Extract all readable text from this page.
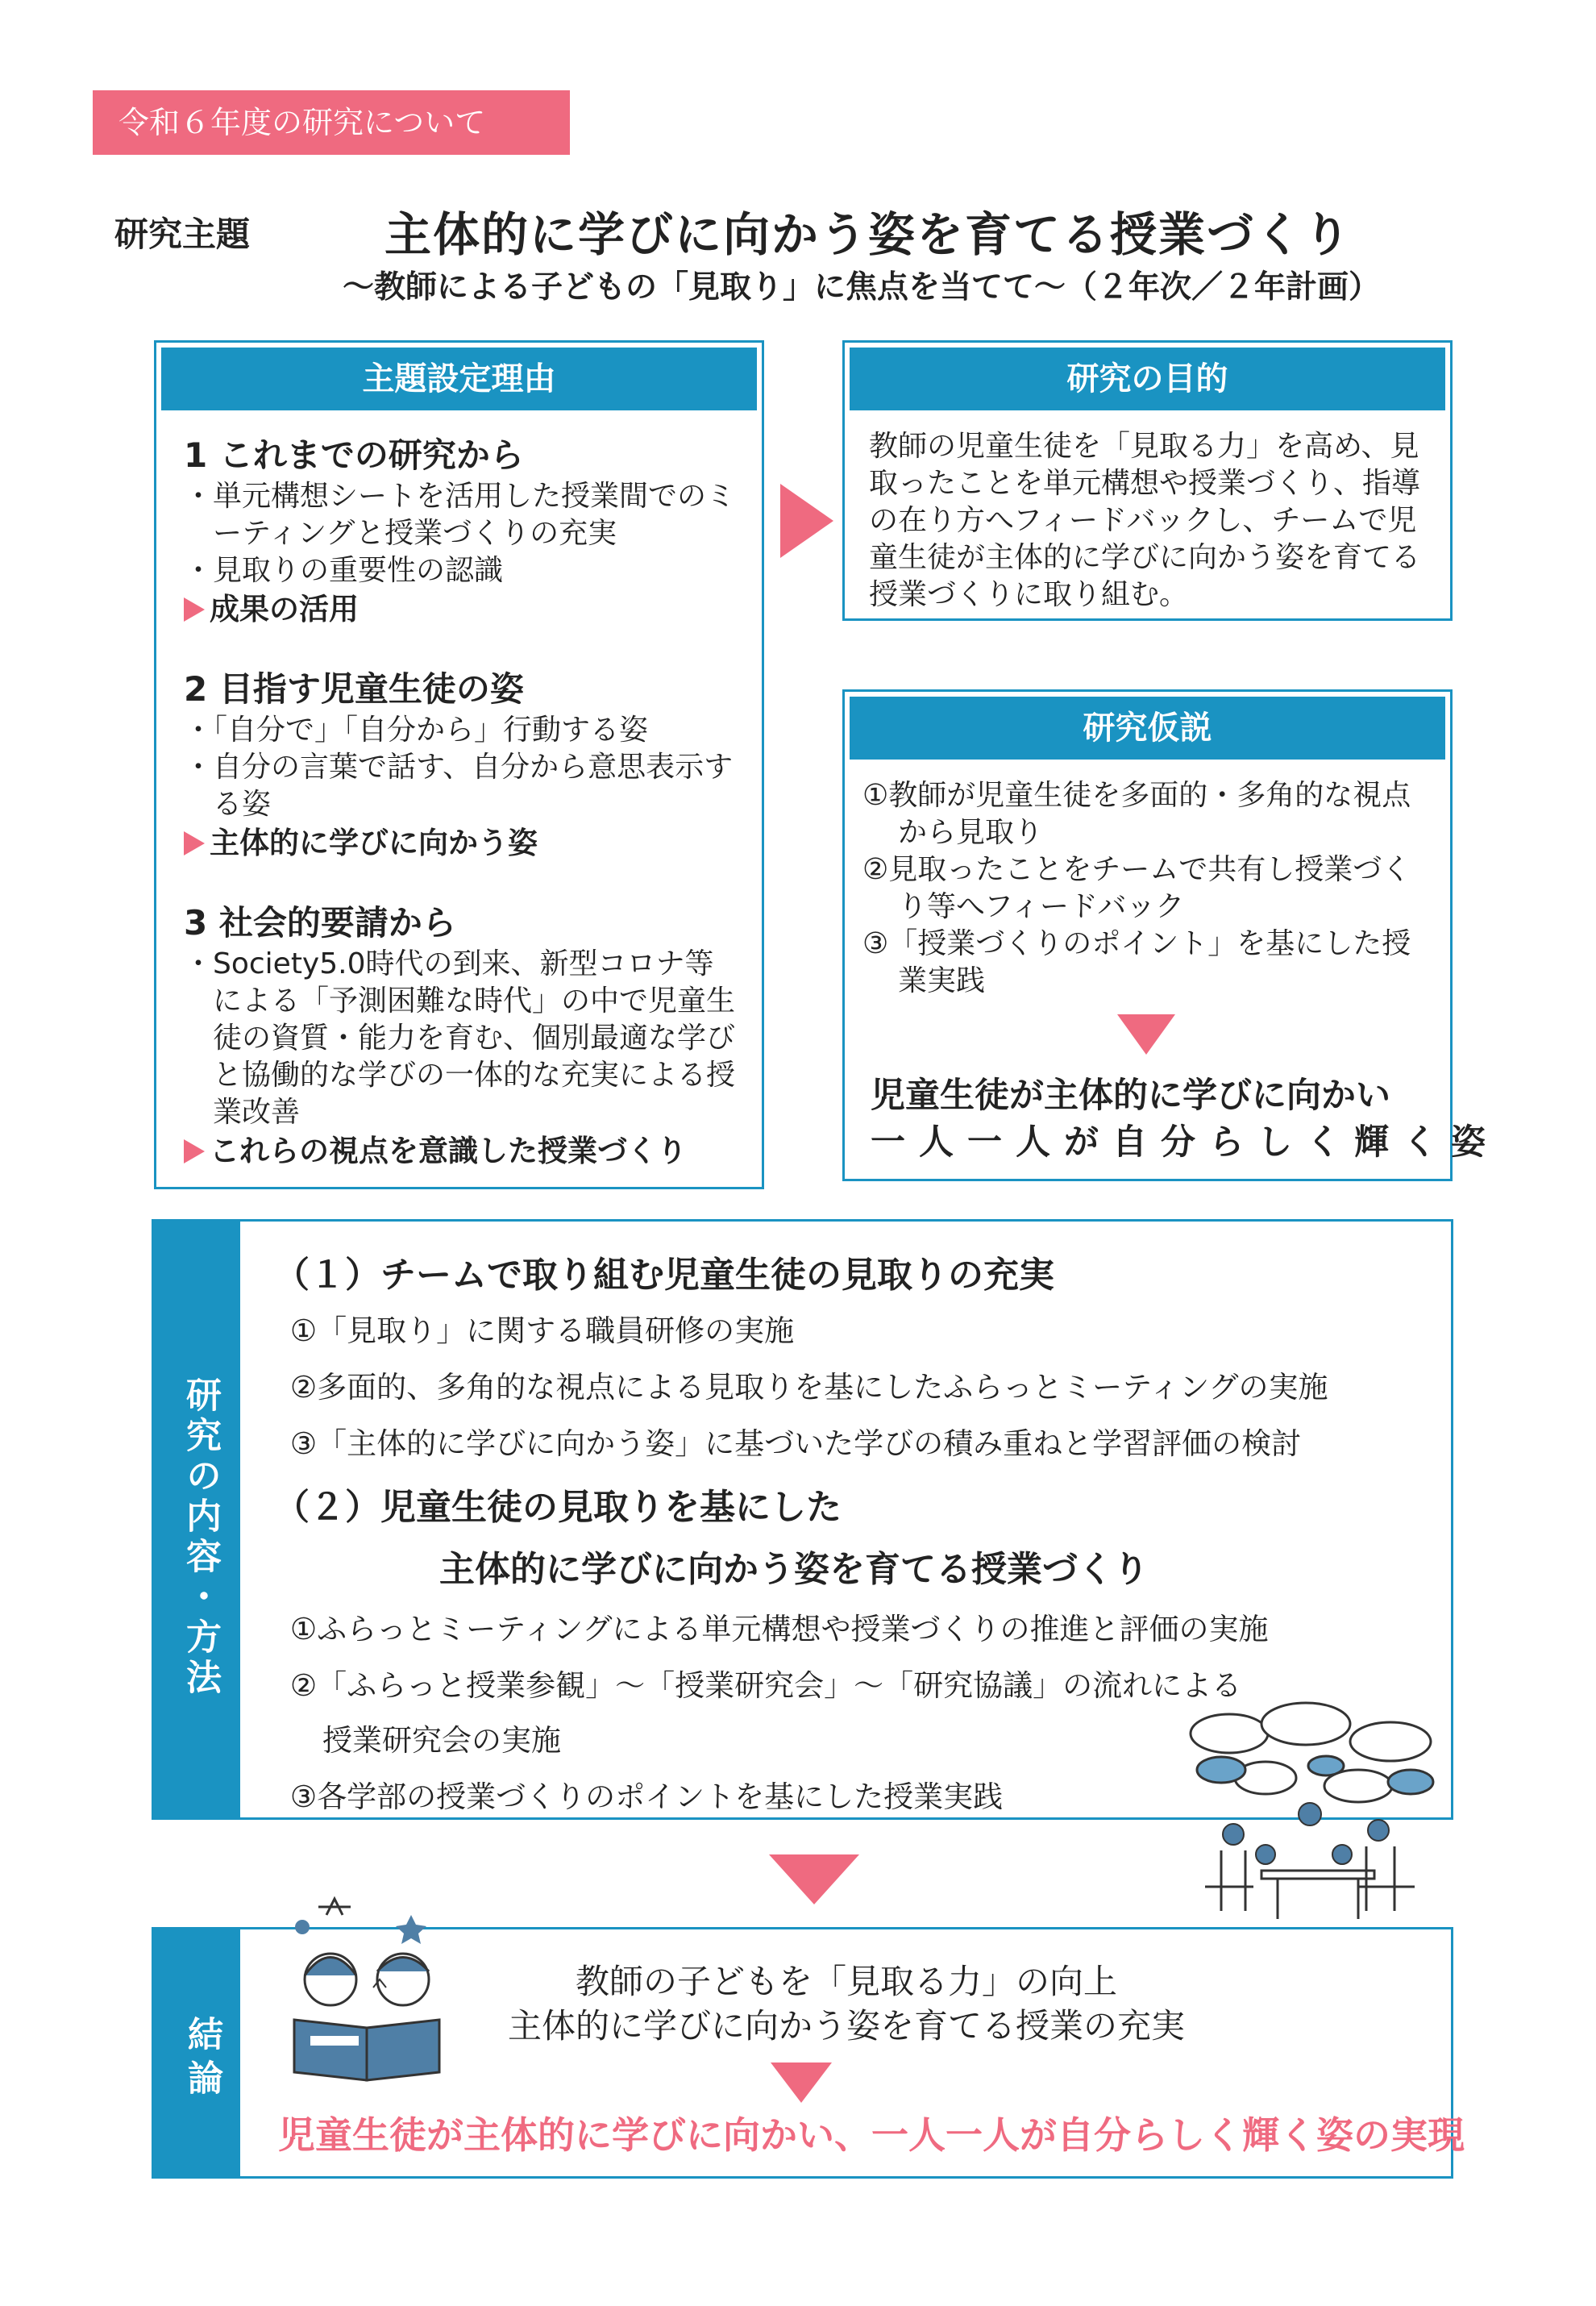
令和６年度の研究について
研究主題	主体的に学びに向かう姿を育てる授業づくり
～教師による子どもの「見取り」に焦点を当てて～（２年次／２年計画）
主題設定理由

1 これまでの研究から

・単元構想シートを活用した授業間でのミーティングと授業づくりの充実

・見取りの重要性の認識

成果の活用

2 目指す児童生徒の姿

・「自分で」「自分から」行動する姿

・自分の言葉で話す、自分から意思表示する姿

主体的に学びに向かう姿

3 社会的要請から

・Society5.0時代の到来、新型コロナ等による「予測困難な時代」の中で児童生徒の資質・能力を育む、個別最適な学びと協働的な学びの一体的な充実による授業改善

これらの視点を意識した授業づくり

研究の目的

教師の児童生徒を「見取る力」を高め、見取ったことを単元構想や授業づくり、指導の在り方へフィードバックし、チームで児童生徒が主体的に学びに向かう姿を育てる授業づくりに取り組む。

研究仮説

①教師が児童生徒を多面的・多角的な視点から見取り

②見取ったことをチームで共有し授業づくり等へフィードバック

③「授業づくりのポイント」を基にした授業実践

児童生徒が主体的に学びに向かい

一人一人が自分らしく輝く姿

研究の内容・方法
（１）チームで取り組む児童生徒の見取りの充実
①「見取り」に関する職員研修の実施
②多面的、多角的な視点による見取りを基にしたふらっとミーティングの実施
③「主体的に学びに向かう姿」に基づいた学びの積み重ねと学習評価の検討
（２）児童生徒の見取りを基にした
主体的に学びに向かう姿を育てる授業づくり
①ふらっとミーティングによる単元構想や授業づくりの推進と評価の実施
②「ふらっと授業参観」～「授業研究会」～「研究協議」の流れによる
授業研究会の実施
③各学部の授業づくりのポイントを基にした授業実践
結論
教師の子どもを「見取る力」の向上
主体的に学びに向かう姿を育てる授業の充実
児童生徒が主体的に学びに向かい、一人一人が自分らしく輝く姿の実現
